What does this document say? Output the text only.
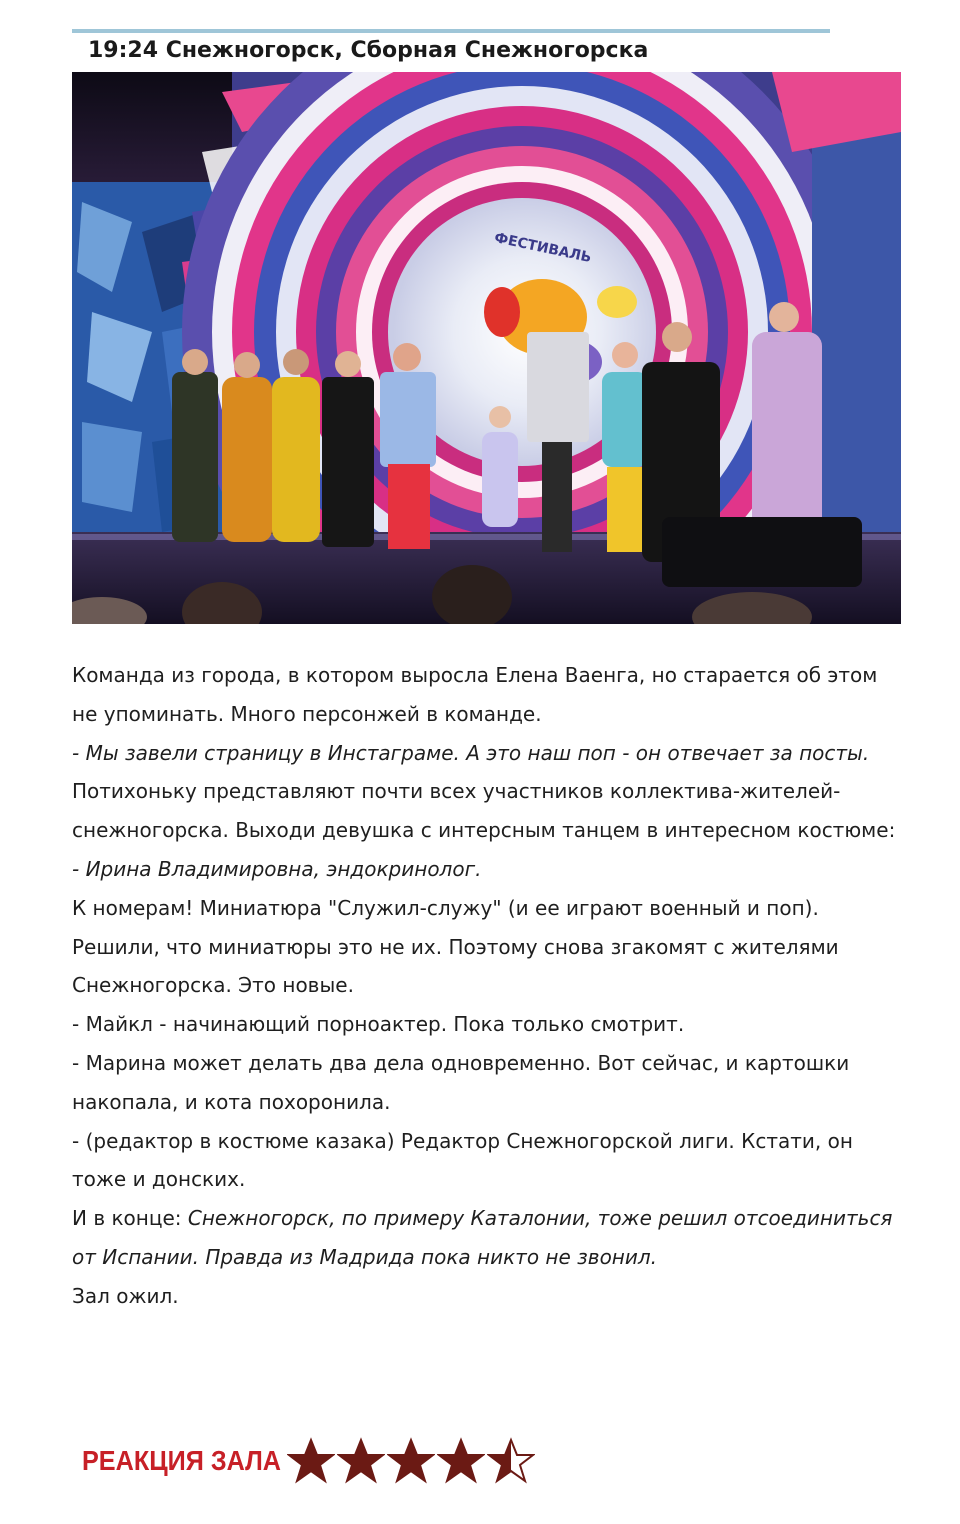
19:24 Снежногорск, Сборная Снежногорска
ФЕСТИВАЛЬ

Команда из города, в котором выросла Елена Ваенга, но старается об этом не упоминать. Много персонжей в команде.

- Мы завели страницу в Инстаграме. А это наш поп - он отвечает за посты.

Потихоньку представляют почти всех участников коллектива-жителей-снежногорска. Выходи девушка с интерсным танцем в интересном костюме:

- Ирина Владимировна, эндокринолог.

К номерам! Миниатюра "Служил-служу" (и ее играют военный и поп). Решили, что миниатюры это не их. Поэтому снова згакомят с жителями Снежногорска. Это новые.

- Майкл - начинающий порноактер. Пока только смотрит.

- Марина может делать два дела одновременно. Вот сейчас, и картошки накопала, и кота похоронила.

- (редактор в костюме казака) Редактор Снежногорской лиги. Кстати, он тоже и донских.

И в конце: Снежногорск, по примеру Каталонии, тоже решил отсоединиться от Испании. Правда из Мадрида пока никто не звонил.

Зал ожил.

РЕАКЦИЯ ЗАЛА
